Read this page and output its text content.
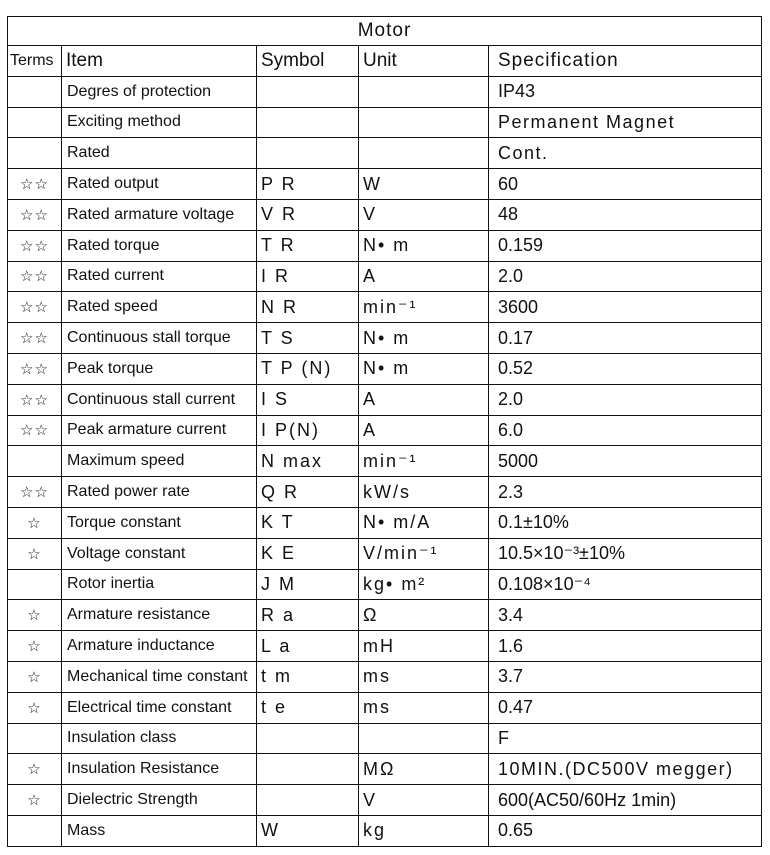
Motor				
Terms	Item	Symbol	Unit	Specification
	Degres of protection			IP43
	Exciting method			Permanent Magnet
	Rated			Cont.
☆☆	Rated output	P R	W	60
☆☆	Rated armature voltage	V R	V	48
☆☆	Rated torque	T R	N• m	0.159
☆☆	Rated current	I R	A	2.0
☆☆	Rated speed	N R	min⁻¹	3600
☆☆	Continuous stall torque	T S	N• m	0.17
☆☆	Peak torque	T P (N)	N• m	0.52
☆☆	Continuous stall current	I S	A	2.0
☆☆	Peak armature current	I P(N)	A	6.0
	Maximum speed	N max	min⁻¹	5000
☆☆	Rated power rate	Q R	kW/s	2.3
☆	Torque constant	K T	N• m/A	0.1±10%
☆	Voltage constant	K E	V/min⁻¹	10.5×10⁻³±10%
	Rotor inertia	J M	kg• m²	0.108×10⁻⁴
☆	Armature resistance	R a	Ω	3.4
☆	Armature inductance	L a	mH	1.6
☆	Mechanical time constant	t m	ms	3.7
☆	Electrical time constant	t e	ms	0.47
	Insulation class			F
☆	Insulation Resistance		MΩ	10MIN.(DC500V megger)
☆	Dielectric Strength		V	600(AC50/60Hz 1min)
	Mass	W	kg	0.65
